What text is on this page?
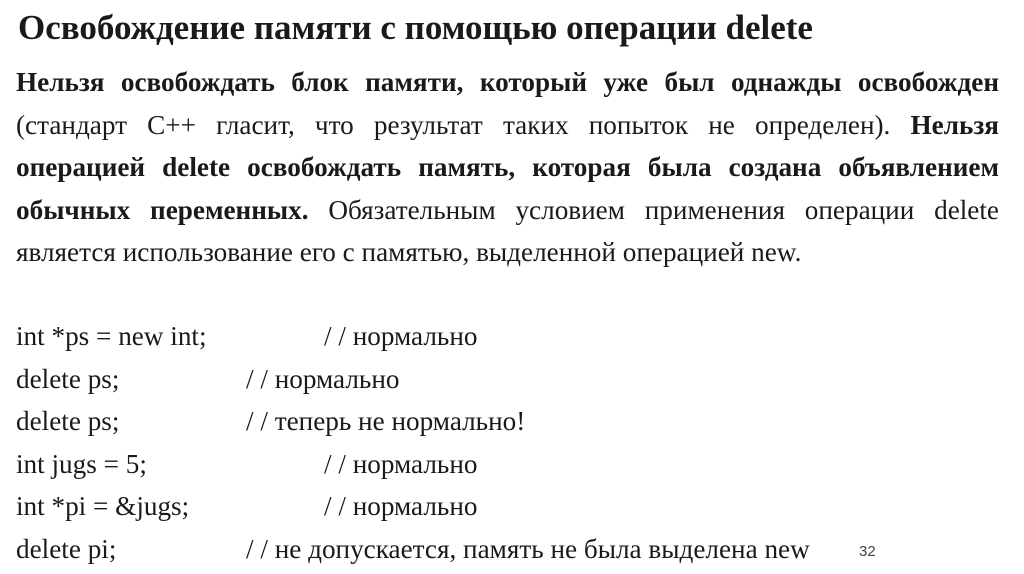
Освобождение памяти с помощью операции delete

Нельзя освобождать блок памяти, который уже был однажды освобожден (стандарт С++ гласит, что результат таких попыток не определен). Нельзя операцией delete освобождать память, которая была создана объявлением обычных переменных. Обязательным условием применения операции delete является использование его с памятью, выделенной операцией new.

int *ps = new int;	/ / нормально
delete ps;	/ / нормально
delete ps;	/ / теперь не нормально!
int jugs = 5;	/ / нормально
int *pi = &jugs;	/ / нормально
delete pi;	/ / не допускается, память не была выделена new	32
